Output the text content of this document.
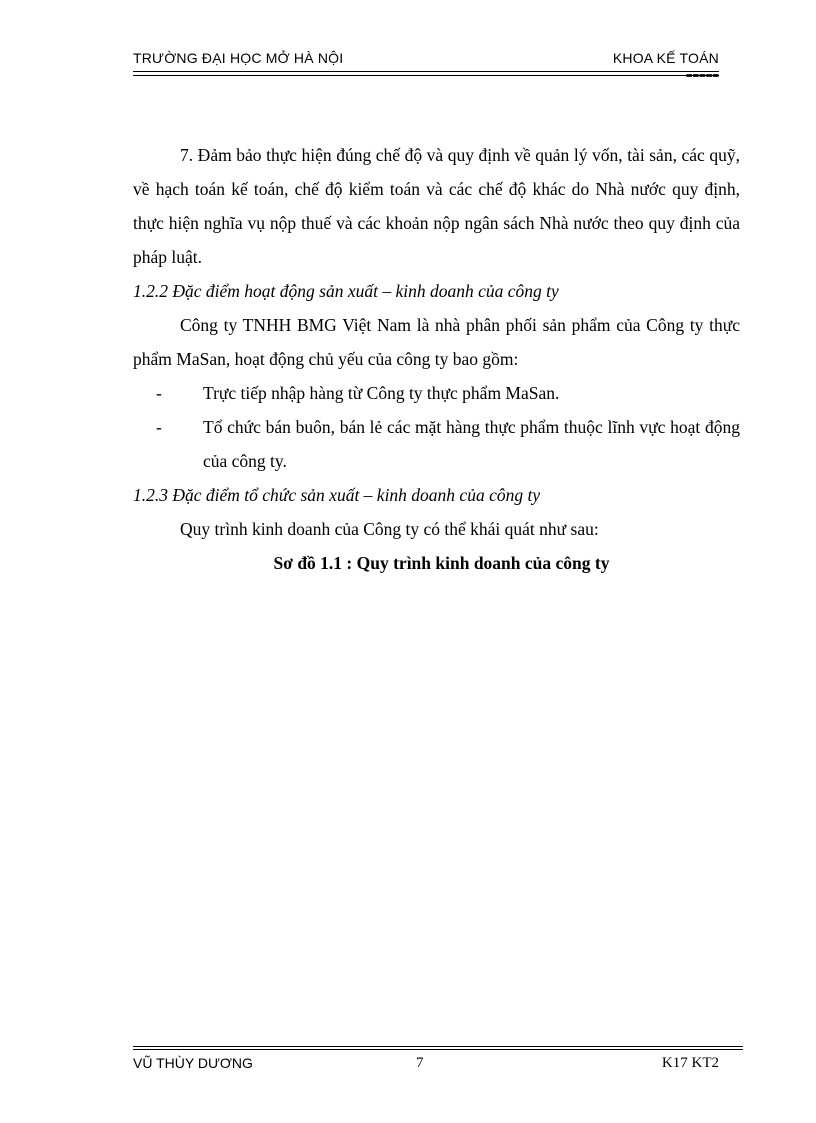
TRƯỜNG ĐẠI HỌC MỞ HÀ NỘI	KHOA KẾ TOÁN
=====

7. Đảm bảo thực hiện đúng chế độ và quy định về quản lý vốn, tài sản, các quỹ, về hạch toán kế toán, chế độ kiểm toán và các chế độ khác do Nhà nước quy định, thực hiện nghĩa vụ nộp thuế và các khoản nộp ngân sách Nhà nước theo quy định của pháp luật.

1.2.2 Đặc điểm hoạt động sản xuất – kinh doanh của công ty

Công ty TNHH BMG Việt Nam là nhà phân phối sản phẩm của Công ty thực phẩm MaSan, hoạt động chủ yếu của công ty bao gồm:

-	Trực tiếp nhập hàng từ Công ty thực phẩm MaSan.
-	Tổ chức bán buôn, bán lẻ các mặt hàng thực phẩm thuộc lĩnh vực hoạt động của công ty.

1.2.3 Đặc điểm tổ chức sản xuất – kinh doanh của công ty

Quy trình kinh doanh của Công ty có thể khái quát như sau:

Sơ đồ 1.1 : Quy trình kinh doanh của công ty

VŨ THÙY DƯƠNG	7	K17 KT2
